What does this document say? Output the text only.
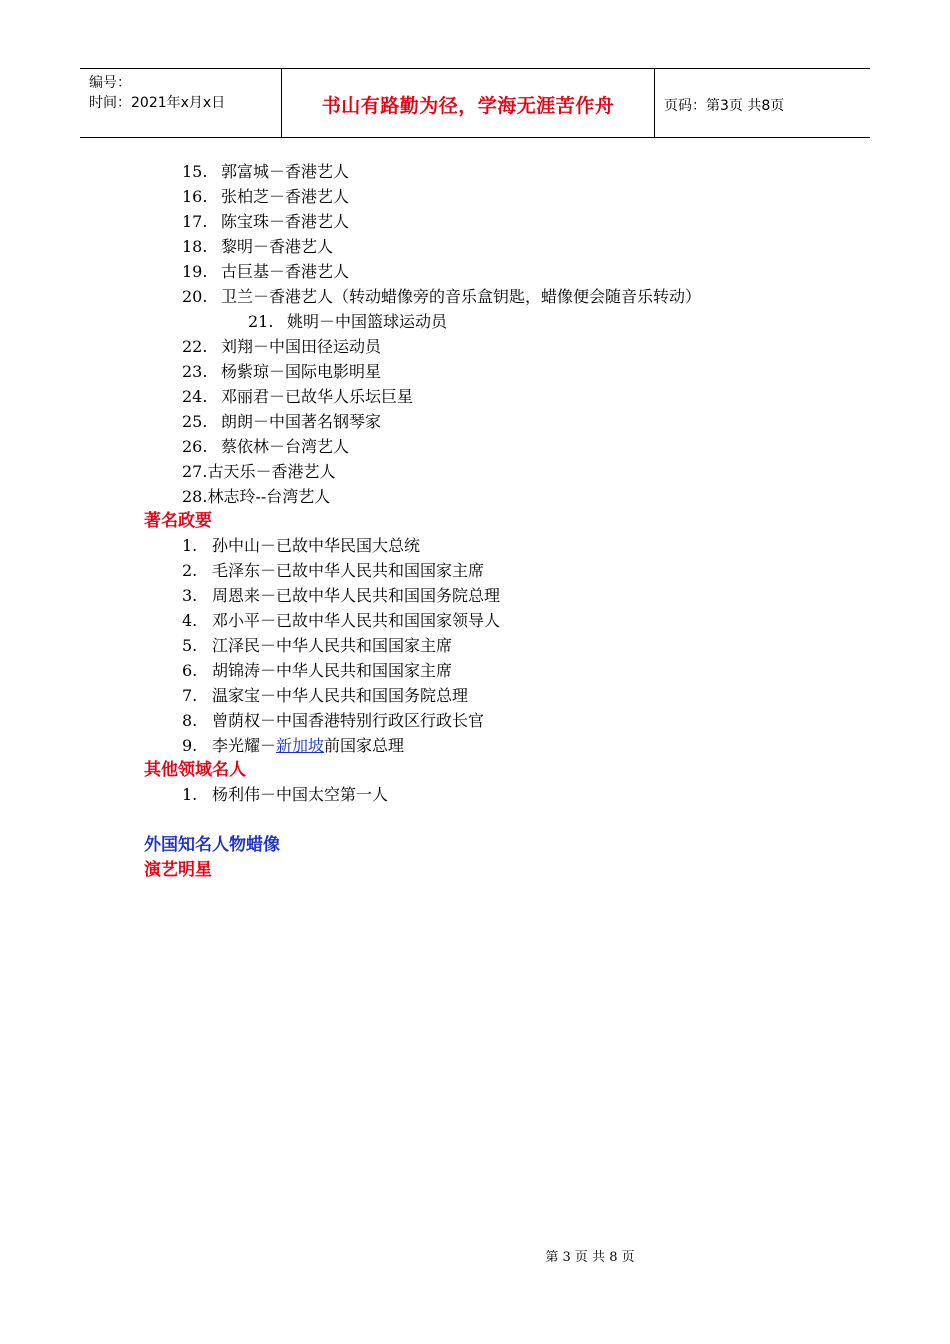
编号：
时间：2021年x月x日	书山有路勤为径，学海无涯苦作舟	页码：第3页 共8页
15. 郭富城－香港艺人
16. 张柏芝－香港艺人
17. 陈宝珠－香港艺人
18. 黎明－香港艺人
19. 古巨基－香港艺人
20. 卫兰－香港艺人（转动蜡像旁的音乐盒钥匙，蜡像便会随音乐转动）
21. 姚明－中国篮球运动员
22. 刘翔－中国田径运动员
23. 杨紫琼－国际电影明星
24. 邓丽君－已故华人乐坛巨星
25. 朗朗－中国著名钢琴家
26. 蔡依林－台湾艺人
27.古天乐－香港艺人
28.林志玲--台湾艺人
著名政要
1. 孙中山－已故中华民国大总统
2. 毛泽东－已故中华人民共和国国家主席
3. 周恩来－已故中华人民共和国国务院总理
4. 邓小平－已故中华人民共和国国家领导人
5. 江泽民－中华人民共和国国家主席
6. 胡锦涛－中华人民共和国国家主席
7. 温家宝－中华人民共和国国务院总理
8. 曾荫权－中国香港特别行政区行政长官
9. 李光耀－新加坡前国家总理
其他领域名人
1. 杨利伟－中国太空第一人
外国知名人物蜡像
演艺明星
第 3 页 共 8 页
